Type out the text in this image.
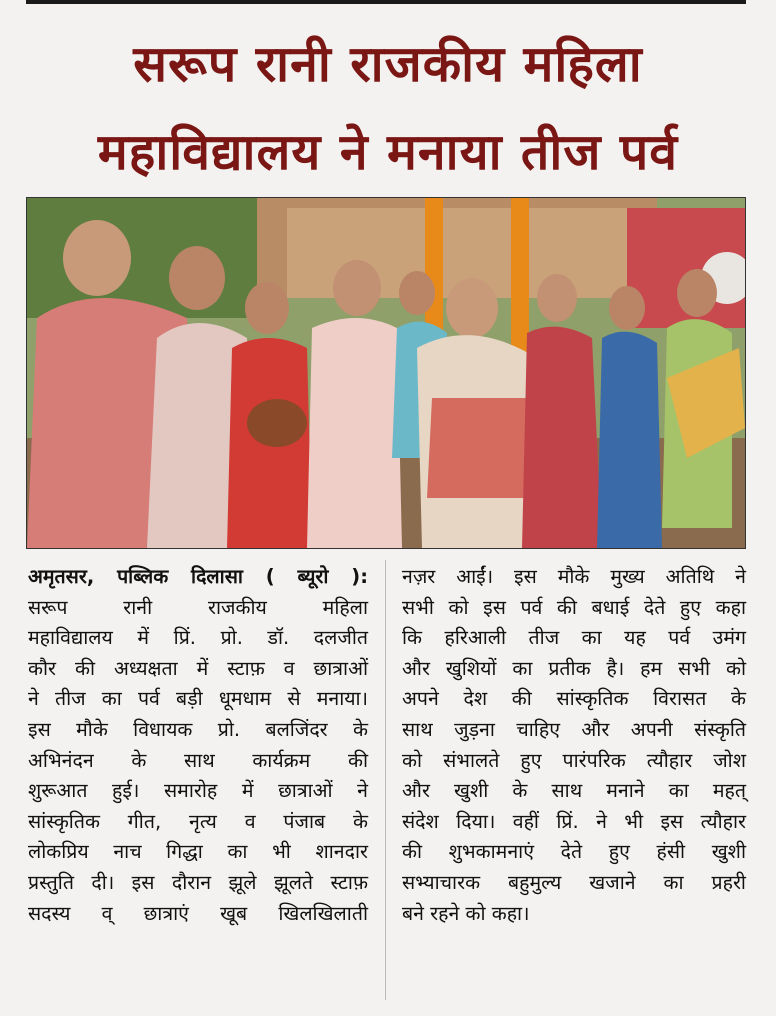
सरूप रानी राजकीय महिला
महाविद्यालय ने मनाया तीज पर्व
अमृतसर, पब्लिक दिलासा ( ब्यूरो ):
सरूप रानी राजकीय महिला
महाविद्यालय में प्रिं. प्रो. डॉ. दलजीत
कौर की अध्यक्षता में स्टाफ़ व छात्राओं
ने तीज का पर्व बड़ी धूमधाम से मनाया।
इस मौके विधायक प्रो. बलजिंदर के
अभिनंदन के साथ कार्यक्रम की
शुरूआत हुई। समारोह में छात्राओं ने
सांस्कृतिक गीत, नृत्य व पंजाब के
लोकप्रिय नाच गिद्धा का भी शानदार
प्रस्तुति दी। इस दौरान झूले झूलते स्टाफ़
सदस्य व् छात्राएं खूब खिलखिलाती
नज़र आईं। इस मौके मुख्य अतिथि ने
सभी को इस पर्व की बधाई देते हुए कहा
कि हरिआली तीज का यह पर्व उमंग
और खुशियों का प्रतीक है। हम सभी को
अपने देश की सांस्कृतिक विरासत के
साथ जुड़ना चाहिए और अपनी संस्कृति
को संभालते हुए पारंपरिक त्यौहार जोश
और खुशी के साथ मनाने का महत्
संदेश दिया। वहीं प्रिं. ने भी इस त्यौहार
की शुभकामनाएं देते हुए हंसी खुशी
सभ्याचारक बहुमुल्य खजाने का प्रहरी
बने रहने को कहा।
